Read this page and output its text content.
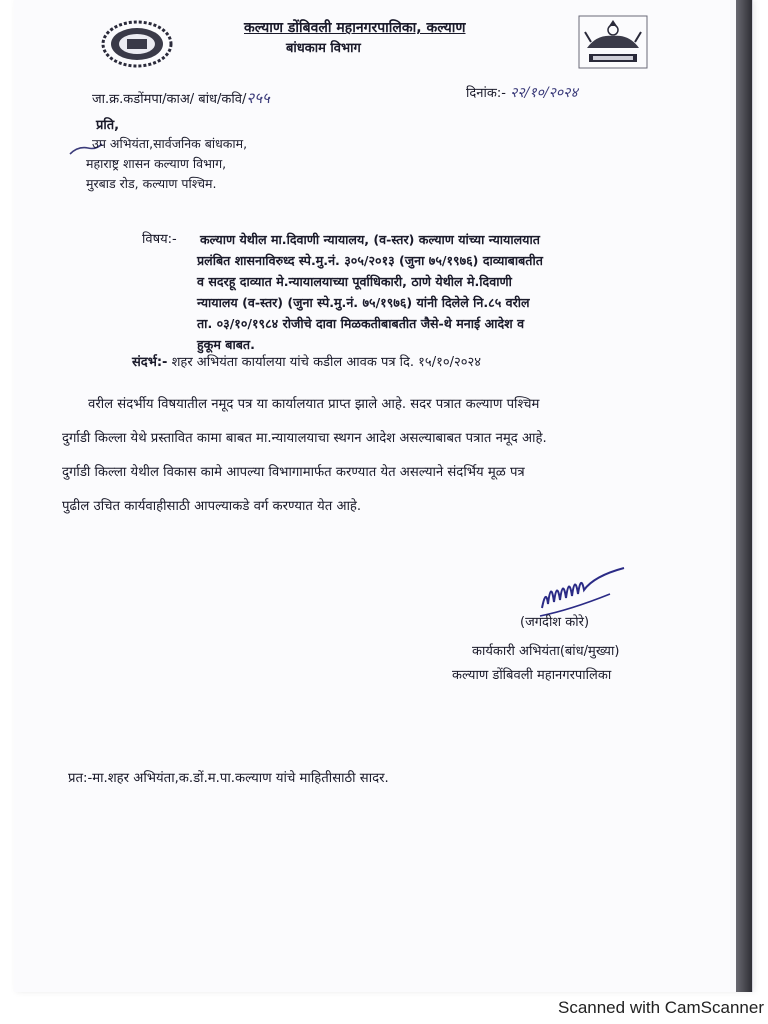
कल्याण डोंबिवली महानगरपालिका, कल्याण
बांधकाम विभाग
जा.क्र.कडोंमपा/काअ/ बांध/कवि/२५५	दिनांक:- २२/१०/२०२४
प्रति,
उप अभियंता,सार्वजनिक बांधकाम,
महाराष्ट्र शासन कल्याण विभाग,
मुरबाड रोड, कल्याण पश्चिम.
विषय:- कल्याण येथील मा.दिवाणी न्यायालय, (व-स्तर) कल्याण यांच्या न्यायालयात
प्रलंबित शासनाविरुध्द स्पे.मु.नं. ३०५/२०१३ (जुना ७५/१९७६) दाव्याबाबतीत
व सदरहू दाव्यात मे.न्यायालयाच्या पूर्वाधिकारी, ठाणे येथील मे.दिवाणी
न्यायालय (व-स्तर) (जुना स्पे.मु.नं. ७५/१९७६) यांनी दिलेले नि.८५ वरील
ता. ०३/१०/१९८४ रोजीचे दावा मिळकतीबाबतीत जैसे-थे मनाई आदेश व
हुकूम बाबत.
संदर्भ:- शहर अभियंता कार्यालया यांचे कडील आवक पत्र दि. १५/१०/२०२४
वरील संदर्भीय विषयातील नमूद पत्र या कार्यालयात प्राप्त झाले आहे. सदर पत्रात कल्याण पश्चिम
दुर्गाडी किल्ला येथे प्रस्तावित कामा बाबत मा.न्यायालयाचा स्थगन आदेश असल्याबाबत पत्रात नमूद आहे.
दुर्गाडी किल्ला येथील विकास कामे आपल्या विभागामार्फत करण्यात येत असल्याने संदर्भिय मूळ पत्र
पुढील उचित कार्यवाहीसाठी आपल्याकडे वर्ग करण्यात येत आहे.
(जगदीश कोरे)
कार्यकारी अभियंता(बांध/मुख्या)
कल्याण डोंबिवली महानगरपालिका
प्रत:-मा.शहर अभियंता,क.डों.म.पा.कल्याण यांचे माहितीसाठी सादर.
Scanned with CamScanner
